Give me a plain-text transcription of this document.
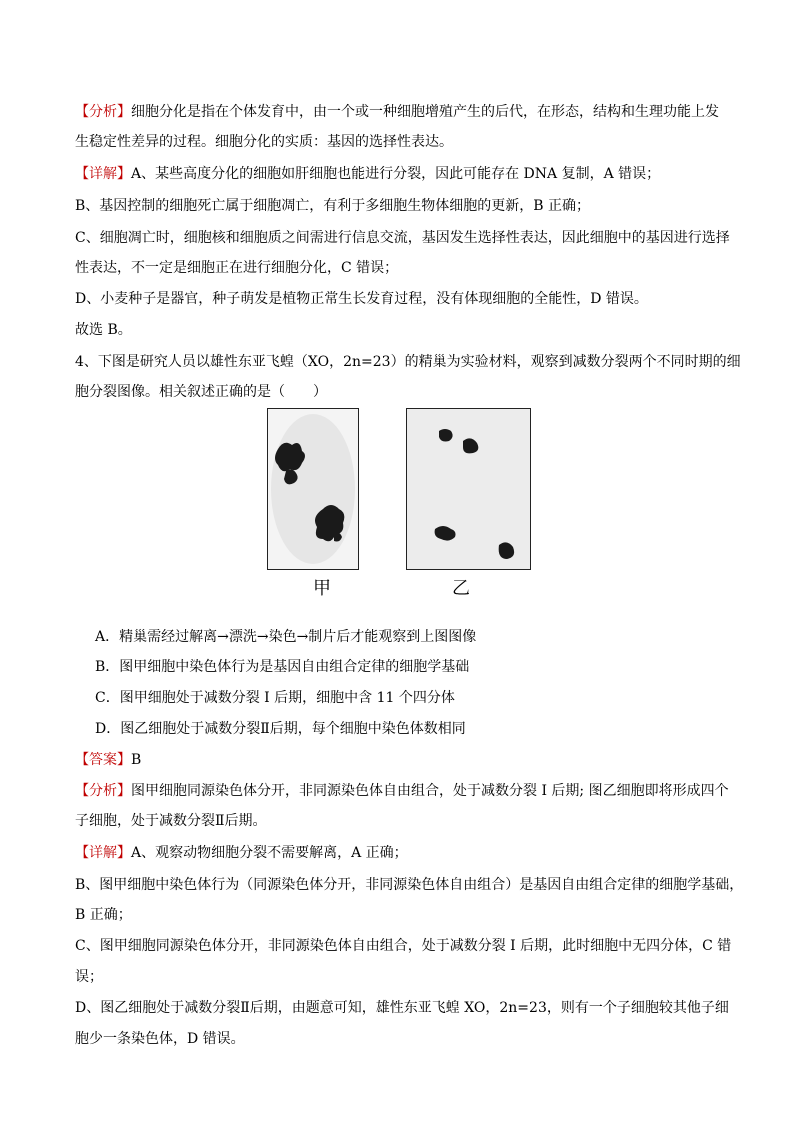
【分析】细胞分化是指在个体发育中，由一个或一种细胞增殖产生的后代，在形态，结构和生理功能上发
生稳定性差异的过程。细胞分化的实质：基因的选择性表达。
【详解】A、某些高度分化的细胞如肝细胞也能进行分裂，因此可能存在 DNA 复制，A 错误；
B、基因控制的细胞死亡属于细胞凋亡，有利于多细胞生物体细胞的更新，B 正确；
C、细胞凋亡时，细胞核和细胞质之间需进行信息交流，基因发生选择性表达，因此细胞中的基因进行选择
性表达，不一定是细胞正在进行细胞分化，C 错误；
D、小麦种子是器官，种子萌发是植物正常生长发育过程，没有体现细胞的全能性，D 错误。
故选 B。
4、下图是研究人员以雄性东亚飞蝗（XO，2n=23）的精巢为实验材料，观察到减数分裂两个不同时期的细
胞分裂图像。相关叙述正确的是（　　）
甲	乙
A．精巢需经过解离→漂洗→染色→制片后才能观察到上图图像
B．图甲细胞中染色体行为是基因自由组合定律的细胞学基础
C．图甲细胞处于减数分裂 I 后期，细胞中含 11 个四分体
D．图乙细胞处于减数分裂Ⅱ后期，每个细胞中染色体数相同
【答案】B
【分析】图甲细胞同源染色体分开，非同源染色体自由组合，处于减数分裂 I 后期; 图乙细胞即将形成四个
子细胞，处于减数分裂Ⅱ后期。
【详解】A、观察动物细胞分裂不需要解离，A 正确；
B、图甲细胞中染色体行为（同源染色体分开，非同源染色体自由组合）是基因自由组合定律的细胞学基础，
B 正确；
C、图甲细胞同源染色体分开，非同源染色体自由组合，处于减数分裂 I 后期，此时细胞中无四分体，C 错
误；
D、图乙细胞处于减数分裂Ⅱ后期，由题意可知，雄性东亚飞蝗 XO，2n=23，则有一个子细胞较其他子细
胞少一条染色体，D 错误。
